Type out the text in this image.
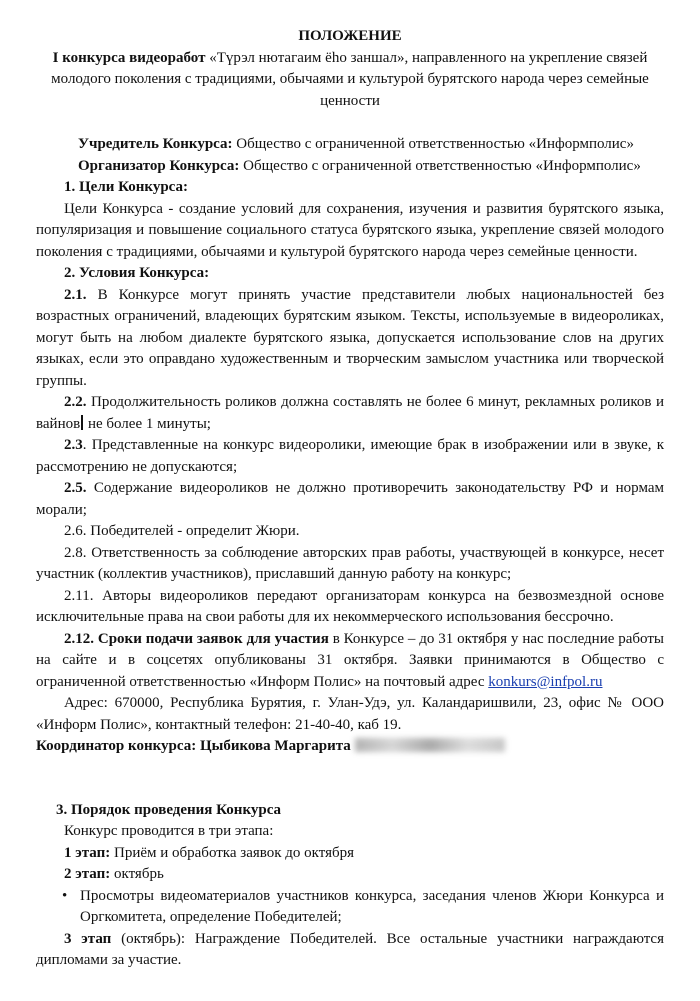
ПОЛОЖЕНИЕ

I конкурса видеоработ «Түрэл нютагаим ёһо заншал», направленного на укрепление связей молодого поколения с традициями, обычаями и культурой бурятского народа через семейные ценности

Учредитель Конкурса: Общество с ограниченной ответственностью «Информполис»

Организатор Конкурса: Общество с ограниченной ответственностью «Информполис»

1. Цели Конкурса:

Цели Конкурса - создание условий для сохранения, изучения и развития бурятского языка, популяризация и повышение социального статуса бурятского языка, укрепление связей молодого поколения с традициями, обычаями и культурой бурятского народа через семейные ценности.

2. Условия Конкурса:

2.1. В Конкурсе могут принять участие представители любых национальностей без возрастных ограничений, владеющих бурятским языком. Тексты, используемые в видеороликах, могут быть на любом диалекте бурятского языка, допускается использование слов на других языках, если это оправдано художественным и творческим замыслом участника или творческой группы.

2.2. Продолжительность роликов должна составлять не более 6 минут, рекламных роликов и вайнов не более 1 минуты;

2.3. Представленные на конкурс видеоролики, имеющие брак в изображении или в звуке, к рассмотрению не допускаются;

2.5. Содержание видеороликов не должно противоречить законодательству РФ и нормам морали;

2.6. Победителей - определит Жюри.

2.8. Ответственность за соблюдение авторских прав работы, участвующей в конкурсе, несет участник (коллектив участников), приславший данную работу на конкурс;

2.11. Авторы видеороликов передают организаторам конкурса на безвозмездной основе исключительные права на свои работы для их некоммерческого использования бессрочно.

2.12. Сроки подачи заявок для участия в Конкурсе – до 31 октября у нас последние работы на сайте и в соцсетях опубликованы 31 октября. Заявки принимаются в Общество с ограниченной ответственностью «Информ Полис» на почтовый адрес konkurs@infpol.ru

Адрес: 670000, Республика Бурятия, г. Улан-Удэ, ул. Каландаришвили, 23, офис № ООО «Информ Полис», контактный телефон: 21-40-40, каб 19.

Координатор конкурса: Цыбикова Маргарита

3. Порядок проведения Конкурса

Конкурс проводится в три этапа:

1 этап: Приём и обработка заявок до октября

2 этап: октябрь

• Просмотры видеоматериалов участников конкурса, заседания членов Жюри Конкурса и Оргкомитета, определение Победителей;

3 этап (октябрь): Награждение Победителей. Все остальные участники награждаются дипломами за участие.
